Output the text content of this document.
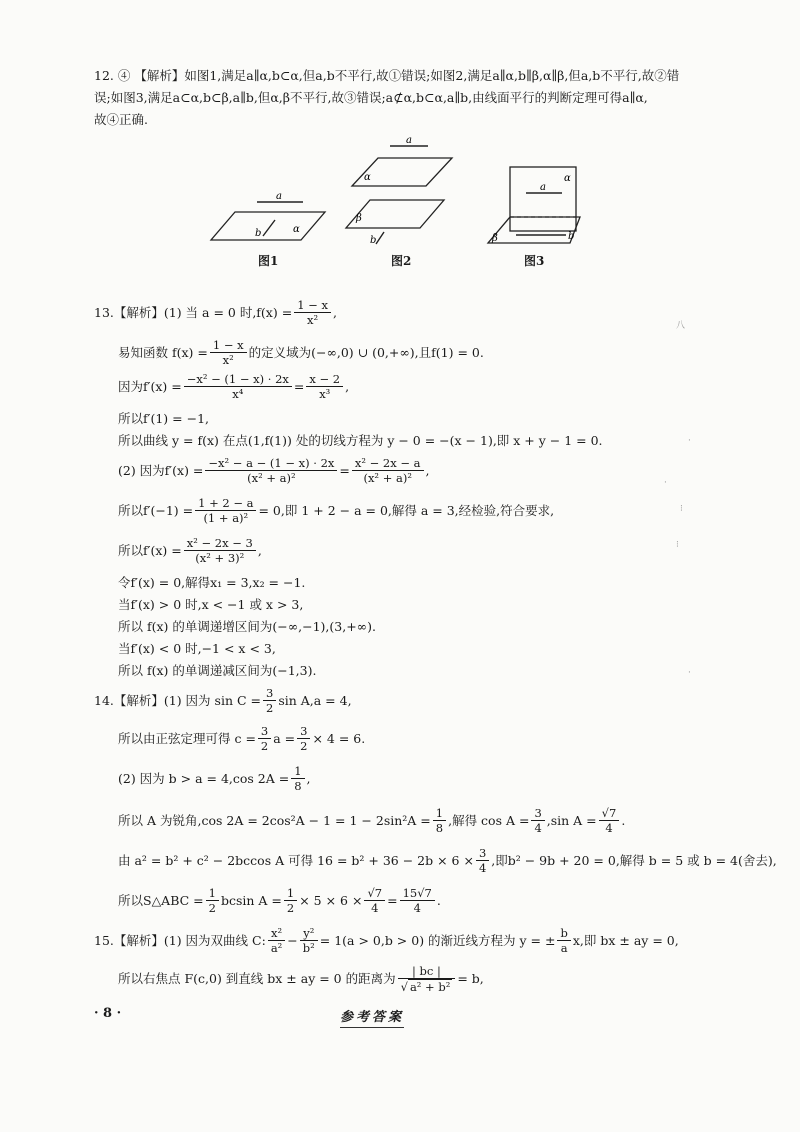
12. ④ 【解析】如图1,满足a∥α,b⊂α,但a,b不平行,故①错误;如图2,满足a∥α,b∥β,α∥β,但a,b不平行,故②错
误;如图3,满足a⊂α,b⊂β,a∥b,但α,β不平行,故③错误;a⊄α,b⊂α,a∥b,由线面平行的判断定理可得a∥α,
故④正确.
a
b	α
图1
a
α
β
b
图2
α
a
β	b
图3
13.【解析】(1) 当 a = 0 时$,f(x) = \frac{1 - x}{\text{x²}}$ ,
易知函数 $f(x) = \frac{1 - x}{\text{x²}}$ 的定义域为(−∞,0) ∪ (0,+∞),且f(1) = 0.
因为$f'(x) = \frac{\text{−x² − (1 − x) · 2x}}{\text{x⁴}} = \frac{x - 2}{\text{x³}}$ ,
所以f′(1) = −1,
所以曲线 y = f(x) 在点(1,f(1)) 处的切线方程为 y − 0 = −(x − 1),即 x + y − 1 = 0.
(2) 因为$f'(x) = \frac{\text{−x² − a − (1 − x) · 2x}}{\text{(x² + a)²}} = \frac{\text{x² − 2x − a}}{\text{(x² + a)²}}$ ,
所以$f'(-1) = \frac{1 + 2 - a}{\text{(1 + a)²}} = 0$,即 1 + 2 − a = 0,解得 a = 3,经检验,符合要求,
所以$f'(x) = \frac{\text{x² − 2x − 3}}{\text{(x² + 3)²}}$ ,
令f′(x) = 0,解得x₁ = 3,x₂ = −1.
当f′(x) > 0 时,x < −1 或 x > 3,
所以 f(x) 的单调递增区间为(−∞,−1),(3,+∞).
当f′(x) < 0 时,−1 < x < 3,
所以 f(x) 的单调递减区间为(−1,3).
14.【解析】(1) 因为 $\sin C = \frac{3}{2}$ sin A,a = 4,
所以由正弦定理可得 $c = \frac{3}{2}$ $a = \frac{3}{2} \times 4 = 6$.
(2) 因为 b > a = 4,cos $2A = \frac{1}{8}$ ,
所以 A 为锐角,cos $2A = 2\cos^2A - 1 = 1 - 2\sin^2A = \frac{1}{8}$ ,解得 $\cos A = \frac{3}{4} ,\sin$ $A = \frac{√7}{4}$ .
由 a² = b² + c² − 2bccos A 可得 $16 = b^2 + 36 - 2b \times 6 \times \frac{3}{4}$ ,即b² − 9b + 20 = 0,解得 b = 5 或 b = 4(舍去),
所以S△ABC = $\frac{1}{2}$ bcsin $A = \frac{1}{2} \times 5 \times 6 \times \frac{√7}{4} = \frac{15√7}{4}$ .
15.【解析】(1) 因为双曲线 C: $\frac{\text{x²}}{\text{a²}} - \frac{\text{y²}}{\text{b²}} = 1(a > 0,b > 0)$ 的渐近线方程为 y = ± $\frac{b}{a} x$,即 bx ± ay = 0,
所以右焦点 F(c,0) 到直线 bx ± ay = 0 的距离为 $\frac{| bc |}{\text{√ a² + b²}} = b$,
· 8 ·	参考答案
八
·
·
⁝
⁝
·
